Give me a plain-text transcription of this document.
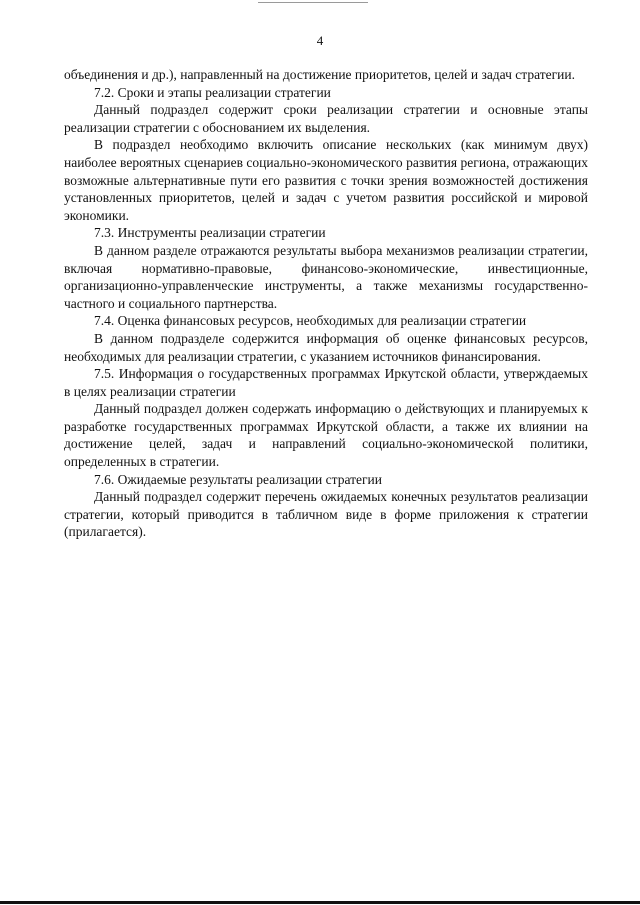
4

объединения и др.), направленный на достижение приоритетов, целей и задач стратегии.

7.2. Сроки и этапы реализации стратегии

Данный подраздел содержит сроки реализации стратегии и основные этапы реализации стратегии с обоснованием их выделения.

В подраздел необходимо включить описание нескольких (как минимум двух) наиболее вероятных сценариев социально-экономического развития региона, отражающих возможные альтернативные пути его развития с точки зрения возможностей достижения установленных приоритетов, целей и задач с учетом развития российской и мировой экономики.

7.3. Инструменты реализации стратегии

В данном разделе отражаются результаты выбора механизмов реализации стратегии, включая нормативно-правовые, финансово-экономические, инвестиционные, организационно-управленческие инструменты, а также механизмы государственно-частного и социального партнерства.

7.4. Оценка финансовых ресурсов, необходимых для реализации стратегии

В данном подразделе содержится информация об оценке финансовых ресурсов, необходимых для реализации стратегии, с указанием источников финансирования.

7.5. Информация о государственных программах Иркутской области, утверждаемых в целях реализации стратегии

Данный подраздел должен содержать информацию о действующих и планируемых к разработке государственных программах Иркутской области, а также их влиянии на достижение целей, задач и направлений социально-экономической политики, определенных в стратегии.

7.6. Ожидаемые результаты реализации стратегии

Данный подраздел содержит перечень ожидаемых конечных результатов реализации стратегии, который приводится в табличном виде в форме приложения к стратегии (прилагается).
